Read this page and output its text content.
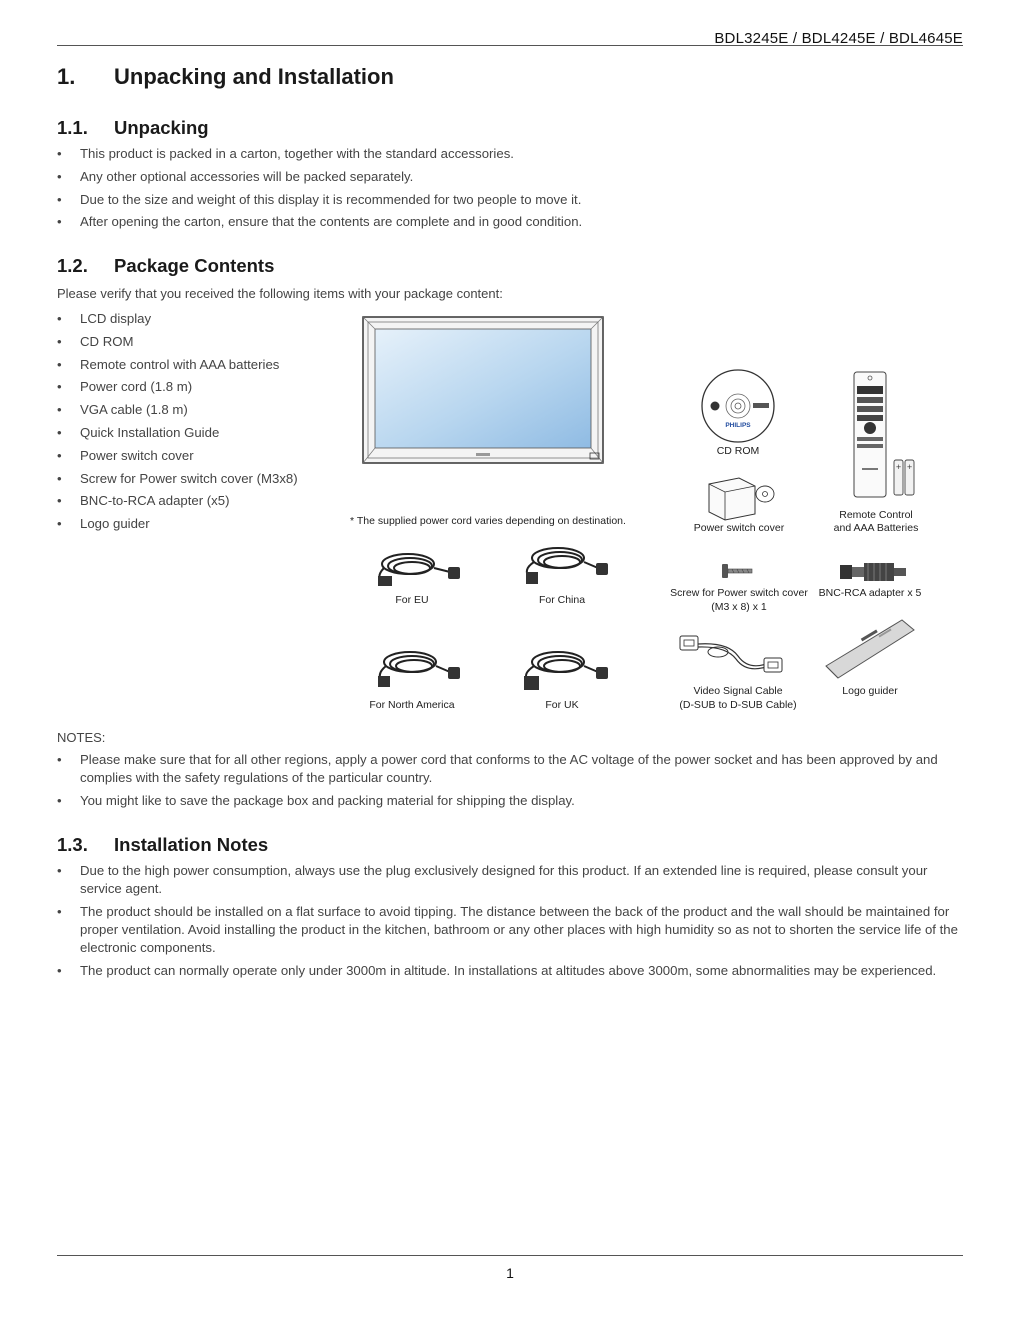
BDL3245E / BDL4245E / BDL4645E
1. Unpacking and Installation
1.1. Unpacking
• This product is packed in a carton, together with the standard accessories.
• Any other optional accessories will be packed separately.
• Due to the size and weight of this display it is recommended for two people to move it.
• After opening the carton, ensure that the contents are complete and in good condition.
1.2. Package Contents
Please verify that you received the following items with your package content:
• LCD display
• CD ROM
• Remote control with AAA batteries
• Power cord (1.8 m)
• VGA cable (1.8 m)
• Quick Installation Guide
• Power switch cover
• Screw for Power switch cover (M3x8)
• BNC-to-RCA adapter (x5)
• Logo guider	* The supplied power cord varies depending on destination.
PHILIPS
CD ROM
+ +
Remote Control
and AAA Batteries
Power switch cover
For EU	For China
For North America	For UK
Screw for Power switch cover
(M3 x 8) x 1
BNC-RCA adapter x 5
Video Signal Cable
(D-SUB to D-SUB Cable)
Logo guider
NOTES:
• Please make sure that for all other regions, apply a power cord that conforms to the AC voltage of the power socket and has been approved by and complies with the safety regulations of the particular country.
• You might like to save the package box and packing material for shipping the display.
1.3. Installation Notes
• Due to the high power consumption, always use the plug exclusively designed for this product. If an extended line is required, please consult your service agent.
• The product should be installed on a flat surface to avoid tipping. The distance between the back of the product and the wall should be maintained for proper ventilation. Avoid installing the product in the kitchen, bathroom or any other places with high humidity so as not to shorten the service life of the electronic components.
• The product can normally operate only under 3000m in altitude. In installations at altitudes above 3000m, some abnormalities may be experienced.
1
